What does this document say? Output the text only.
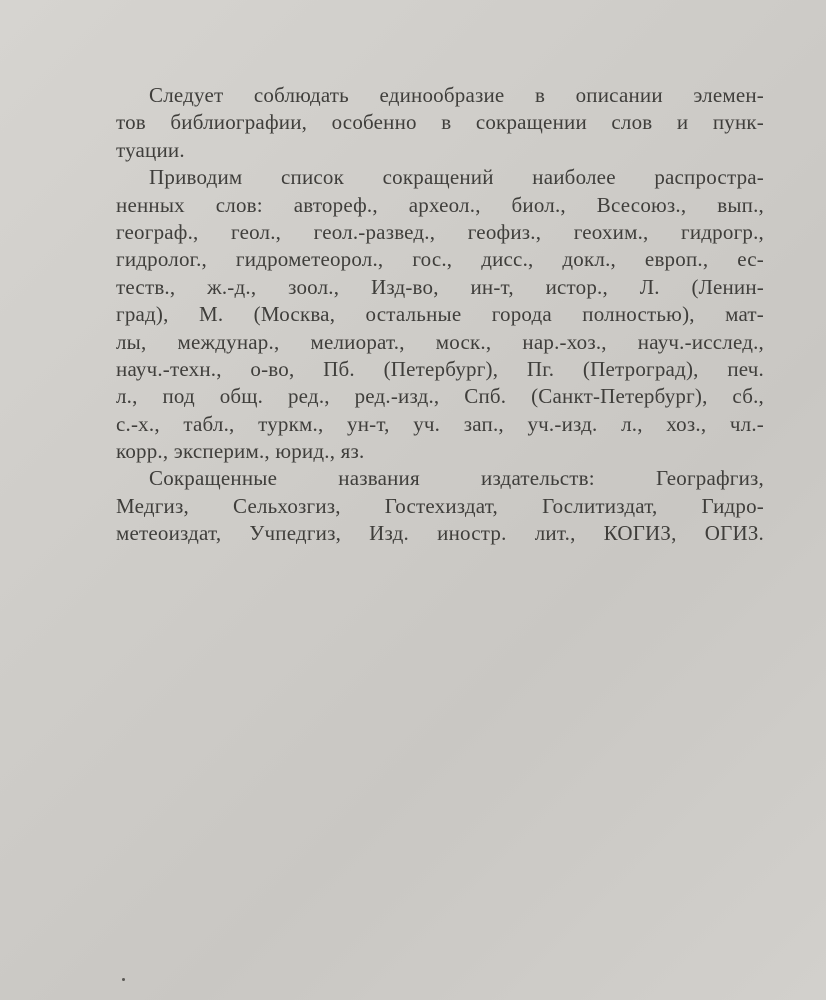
Следует соблюдать единообразие в описании элемен-
тов библиографии, особенно в сокращении слов и пунк-
туации.

Приводим список сокращений наиболее распростра-
ненных слов: автореф., археол., биол., Всесоюз., вып.,
географ., геол., геол.-развед., геофиз., геохим., гидрогр.,
гидролог., гидрометеорол., гос., дисс., докл., европ., ес-
теств., ж.-д., зоол., Изд-во, ин-т, истор., Л. (Ленин-
град), М. (Москва, остальные города полностью), мат-
лы, междунар., мелиорат., моск., нар.-хоз., науч.-исслед.,
науч.-техн., о-во, Пб. (Петербург), Пг. (Петроград), печ.
л., под общ. ред., ред.-изд., Спб. (Санкт-Петербург), сб.,
с.-х., табл., туркм., ун-т, уч. зап., уч.-изд. л., хоз., чл.-
корр., эксперим., юрид., яз.

Сокращенные названия издательств: Географгиз,
Медгиз, Сельхозгиз, Гостехиздат, Гослитиздат, Гидро-
метеоиздат, Учпедгиз, Изд. иностр. лит., КОГИЗ, ОГИЗ.
